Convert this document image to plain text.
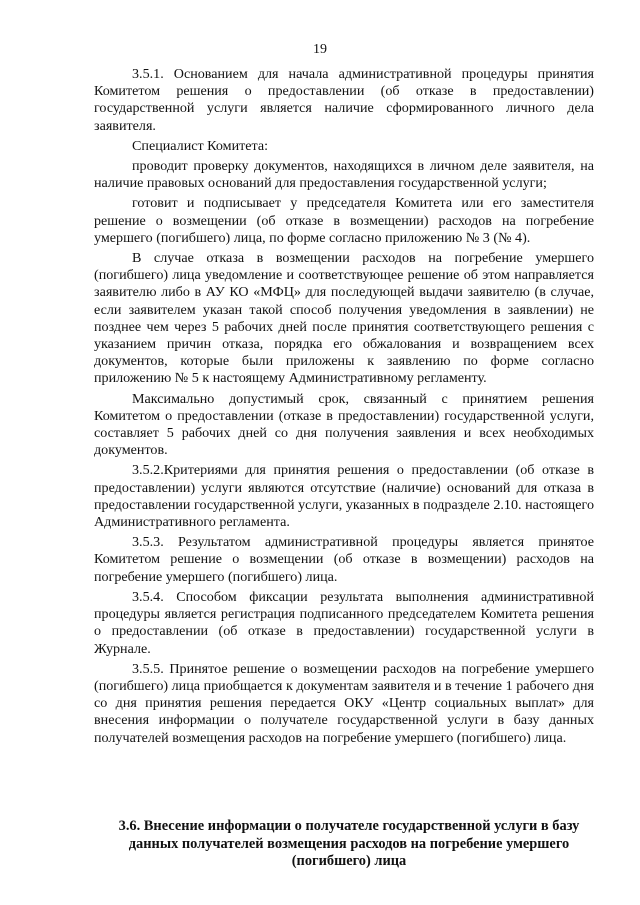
19

3.5.1. Основанием для начала административной процедуры принятия Комитетом решения о предоставлении (об отказе в предоставлении) государственной услуги является наличие сформированного личного дела заявителя.

Специалист Комитета:

проводит проверку документов, находящихся в личном деле заявителя, на наличие правовых оснований для предоставления государственной услуги;

готовит и подписывает у председателя Комитета или его заместителя решение о возмещении (об отказе в возмещении) расходов на погребение умершего (погибшего) лица, по форме согласно приложению № 3 (№ 4).

В случае отказа в возмещении расходов на погребение умершего (погибшего) лица уведомление и соответствующее решение об этом направляется заявителю либо в АУ КО «МФЦ» для последующей выдачи заявителю (в случае, если заявителем указан такой способ получения уведомления в заявлении) не позднее чем через 5 рабочих дней после принятия соответствующего решения с указанием причин отказа, порядка его обжалования и возвращением всех документов, которые были приложены к заявлению по форме согласно приложению № 5 к настоящему Административному регламенту.

Максимально допустимый срок, связанный с принятием решения Комитетом о предоставлении (отказе в предоставлении) государственной услуги, составляет 5 рабочих дней со дня получения заявления и всех необходимых документов.

3.5.2.Критериями для принятия решения о предоставлении (об отказе в предоставлении) услуги являются отсутствие (наличие) оснований для отказа в предоставлении государственной услуги, указанных в подразделе 2.10. настоящего Административного регламента.

3.5.3. Результатом административной процедуры является принятое Комитетом решение о возмещении (об отказе в возмещении) расходов на погребение умершего (погибшего) лица.

3.5.4. Способом фиксации результата выполнения административной процедуры является регистрация подписанного председателем Комитета решения о предоставлении (об отказе в предоставлении) государственной услуги в Журнале.

3.5.5. Принятое решение о возмещении расходов на погребение умершего (погибшего) лица приобщается к документам заявителя и в течение 1 рабочего дня со дня принятия решения передается ОКУ «Центр социальных выплат» для внесения информации о получателе государственной услуги в базу данных получателей возмещения расходов на погребение умершего (погибшего) лица.

3.6. Внесение информации о получателе государственной услуги в базу данных получателей возмещения расходов на погребение умершего (погибшего) лица
